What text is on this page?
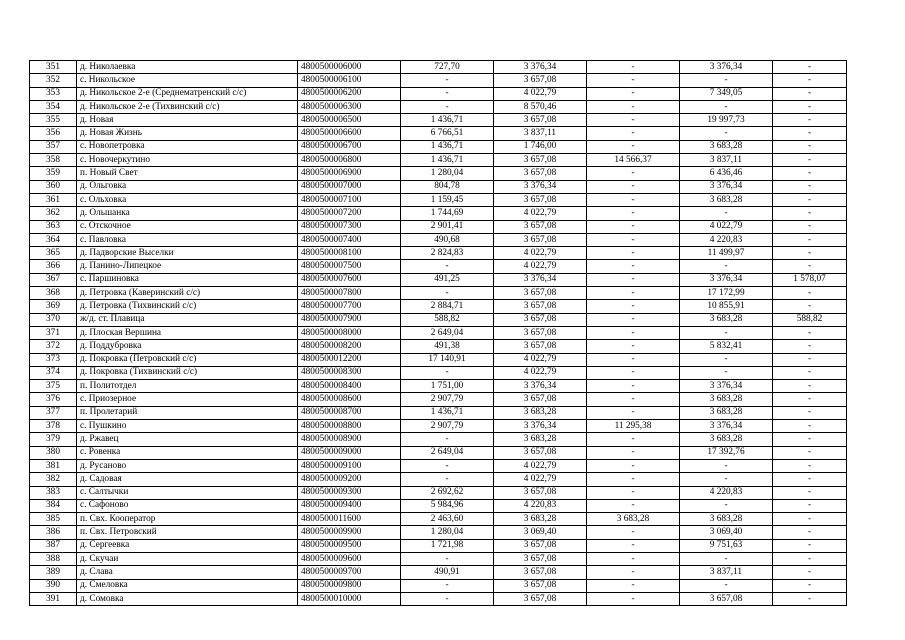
351	д. Николаевка	4800500006000	727,70	3 376,34	-	3 376,34	-
352	с. Никольское	4800500006100	-	3 657,08	-	-	-
353	д. Никольское 2-е (Среднематренский с/с)	4800500006200	-	4 022,79	-	7 349,05	-
354	д. Никольское 2-е (Тихвинский с/с)	4800500006300	-	8 570,46	-	-	-
355	д. Новая	4800500006500	1 436,71	3 657,08	-	19 997,73	-
356	д. Новая Жизнь	4800500006600	6 766,51	3 837,11	-	-	-
357	с. Новопетровка	4800500006700	1 436,71	1 746,00	-	3 683,28	-
358	с. Новочеркутино	4800500006800	1 436,71	3 657,08	14 566,37	3 837,11	-
359	п. Новый Свет	4800500006900	1 280,04	3 657,08	-	6 436,46	-
360	д. Ольговка	4800500007000	804,78	3 376,34	-	3 376,34	-
361	с. Ольховка	4800500007100	1 159,45	3 657,08	-	3 683,28	-
362	д. Ольшанка	4800500007200	1 744,69	4 022,79	-	-	-
363	с. Отскочное	4800500007300	2 901,41	3 657,08	-	4 022,79	-
364	с. Павловка	4800500007400	490,68	3 657,08	-	4 220,83	-
365	д. Падворские Выселки	4800500008100	2 824,83	4 022,79	-	11 499,97	-
366	д. Панино-Липецкое	4800500007500	-	4 022,79	-	-	-
367	с. Паршиновка	4800500007600	491,25	3 376,34	-	3 376,34	1 578,07
368	д. Петровка (Каверинский с/с)	4800500007800	-	3 657,08	-	17 172,99	-
369	д. Петровка (Тихвинский с/с)	4800500007700	2 884,71	3 657,08	-	10 855,91	-
370	ж/д. ст. Плавица	4800500007900	588,82	3 657,08	-	3 683,28	588,82
371	д. Плоская Вершина	4800500008000	2 649,04	3 657,08	-	-	-
372	д. Поддубровка	4800500008200	491,38	3 657,08	-	5 832,41	-
373	д. Покровка (Петровский с/с)	4800500012200	17 140,91	4 022,79	-	-	-
374	д. Покровка (Тихвинский с/с)	4800500008300	-	4 022,79	-	-	-
375	п. Политотдел	4800500008400	1 751,00	3 376,34	-	3 376,34	-
376	с. Приозерное	4800500008600	2 907,79	3 657,08	-	3 683,28	-
377	п. Пролетарий	4800500008700	1 436,71	3 683,28	-	3 683,28	-
378	с. Пушкино	4800500008800	2 907,79	3 376,34	11 295,38	3 376,34	-
379	д. Ржавец	4800500008900	-	3 683,28	-	3 683,28	-
380	с. Ровенка	4800500009000	2 649,04	3 657,08	-	17 392,76	-
381	д. Русаново	4800500009100	-	4 022,79	-	-	-
382	д. Садовая	4800500009200	-	4 022,79	-	-	-
383	с. Салтычки	4800500009300	2 692,62	3 657,08	-	4 220,83	-
384	с. Сафоново	4800500009400	5 984,96	4 220,83	-	-	-
385	п. Свх. Кооператор	4800500011600	2 463,60	3 683,28	3 683,28	3 683,28	-
386	п. Свх. Петровский	4800500009900	1 280,04	3 069,40	-	3 069,40	-
387	д. Сергеевка	4800500009500	1 721,98	3 657,08	-	9 751,63	-
388	д. Скучаи	4800500009600	-	3 657,08	-	-	-
389	д. Слава	4800500009700	490,91	3 657,08	-	3 837,11	-
390	д. Смеловка	4800500009800	-	3 657,08	-	-	-
391	д. Сомовка	4800500010000	-	3 657,08	-	3 657,08	-
